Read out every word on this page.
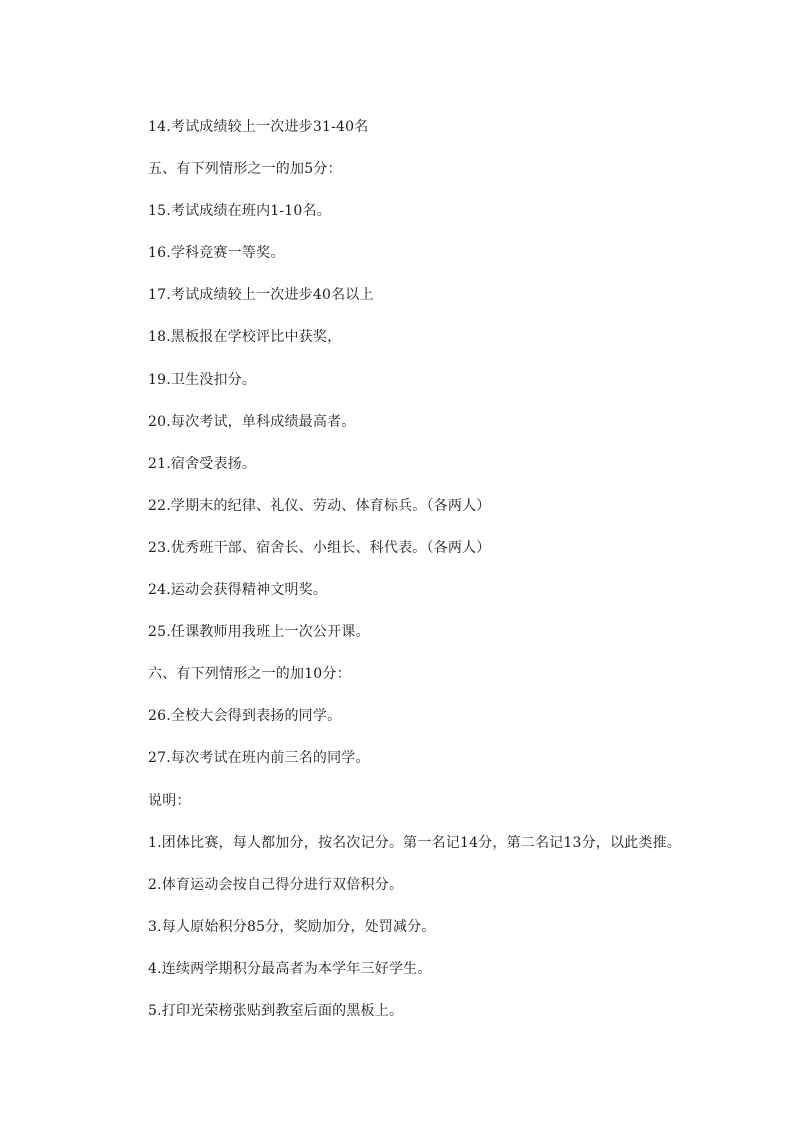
14.考试成绩较上一次进步31-40名
五、有下列情形之一的加5分：
15.考试成绩在班内1-10名。
16.学科竞赛一等奖。
17.考试成绩较上一次进步40名以上
18.黑板报在学校评比中获奖，
19.卫生没扣分。
20.每次考试，单科成绩最高者。
21.宿舍受表扬。
22.学期末的纪律、礼仪、劳动、体育标兵。（各两人）
23.优秀班干部、宿舍长、小组长、科代表。（各两人）
24.运动会获得精神文明奖。
25.任课教师用我班上一次公开课。
六、有下列情形之一的加10分：
26.全校大会得到表扬的同学。
27.每次考试在班内前三名的同学。
说明：
1.团体比赛，每人都加分，按名次记分。第一名记14分，第二名记13分，以此类推。
2.体育运动会按自己得分进行双倍积分。
3.每人原始积分85分，奖励加分，处罚减分。
4.连续两学期积分最高者为本学年三好学生。
5.打印光荣榜张贴到教室后面的黑板上。
